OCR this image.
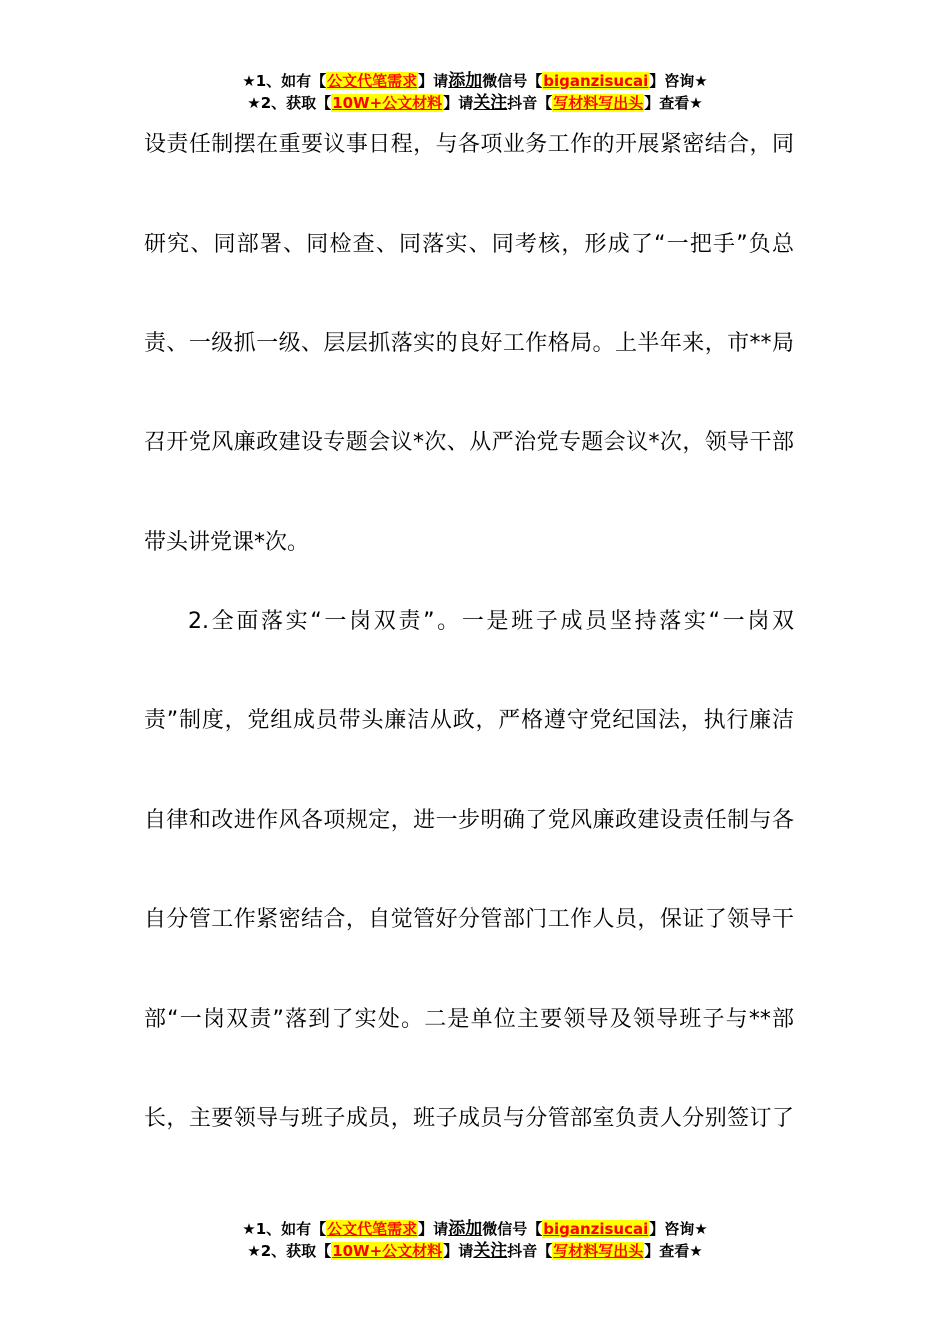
★1、如有【公文代笔需求】请添加微信号【biganzisucai】咨询★
★2、获取【10W+公文材料】请关注抖音【写材料写出头】查看★
设责任制摆在重要议事日程，与各项业务工作的开展紧密结合，同
研究、同部署、同检查、同落实、同考核，形成了“一把手”负总
责、一级抓一级、层层抓落实的良好工作格局。上半年来，市**局
召开党风廉政建设专题会议*次、从严治党专题会议*次，领导干部
带头讲党课*次。
2.全面落实“一岗双责”。一是班子成员坚持落实“一岗双
责”制度，党组成员带头廉洁从政，严格遵守党纪国法，执行廉洁
自律和改进作风各项规定，进一步明确了党风廉政建设责任制与各
自分管工作紧密结合，自觉管好分管部门工作人员，保证了领导干
部“一岗双责”落到了实处。二是单位主要领导及领导班子与**部
长，主要领导与班子成员，班子成员与分管部室负责人分别签订了
★1、如有【公文代笔需求】请添加微信号【biganzisucai】咨询★
★2、获取【10W+公文材料】请关注抖音【写材料写出头】查看★
